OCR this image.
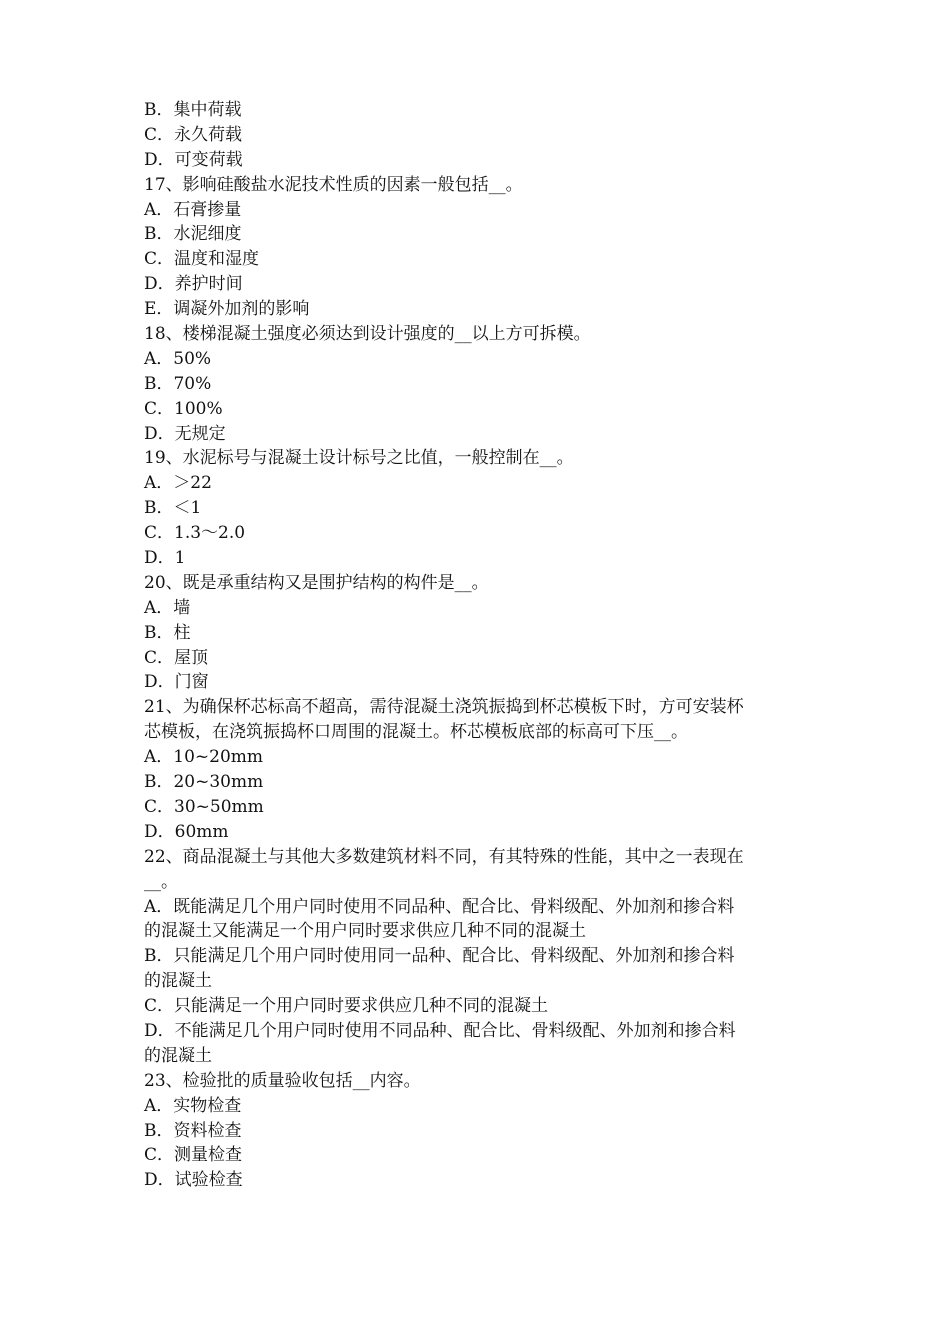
B．集中荷载
C．永久荷载
D．可变荷载
17、影响硅酸盐水泥技术性质的因素一般包括__。
A．石膏掺量
B．水泥细度
C．温度和湿度
D．养护时间
E．调凝外加剂的影响
18、楼梯混凝土强度必须达到设计强度的__以上方可拆模。
A．50%
B．70%
C．100%
D．无规定
19、水泥标号与混凝土设计标号之比值，一般控制在__。
A．＞22
B．＜1
C．1.3～2.0
D．1
20、既是承重结构又是围护结构的构件是__。
A．墙
B．柱
C．屋顶
D．门窗
21、为确保杯芯标高不超高，需待混凝土浇筑振捣到杯芯模板下时，方可安装杯
芯模板，在浇筑振捣杯口周围的混凝土。杯芯模板底部的标高可下压__。
A．10~20mm
B．20~30mm
C．30~50mm
D．60mm
22、商品混凝土与其他大多数建筑材料不同，有其特殊的性能，其中之一表现在
__。
A．既能满足几个用户同时使用不同品种、配合比、骨料级配、外加剂和掺合料
的混凝土又能满足一个用户同时要求供应几种不同的混凝土
B．只能满足几个用户同时使用同一品种、配合比、骨料级配、外加剂和掺合料
的混凝土
C．只能满足一个用户同时要求供应几种不同的混凝土
D．不能满足几个用户同时使用不同品种、配合比、骨料级配、外加剂和掺合料
的混凝土
23、检验批的质量验收包括__内容。
A．实物检查
B．资料检查
C．测量检查
D．试验检查
